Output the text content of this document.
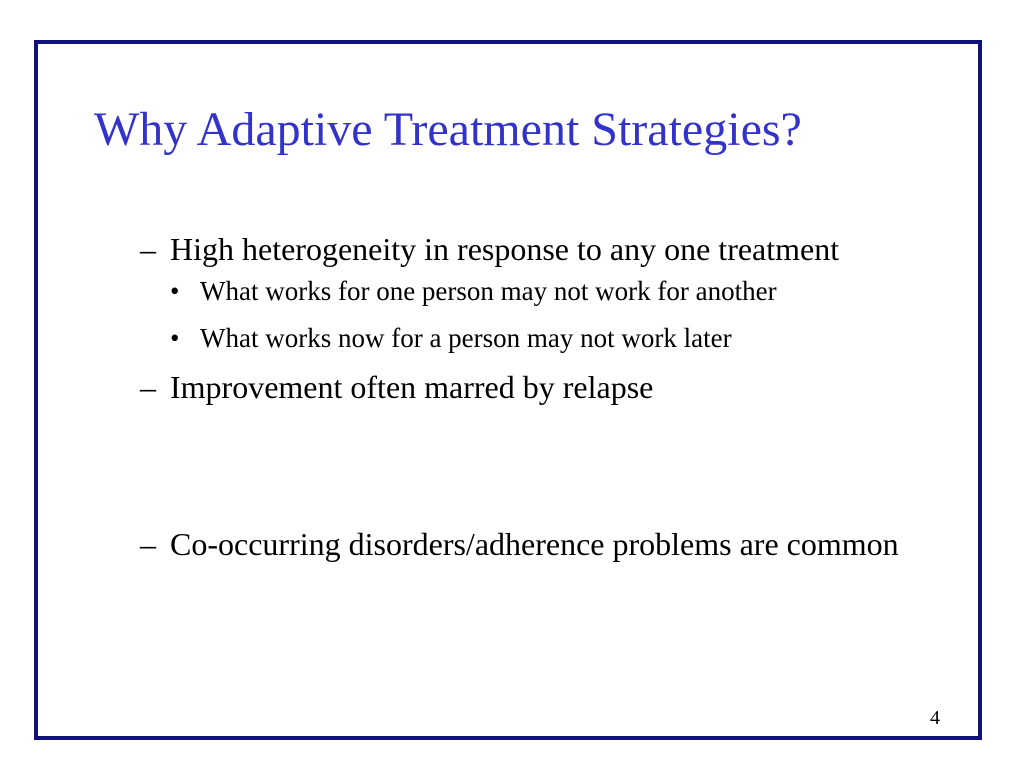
Why Adaptive Treatment Strategies?
– High heterogeneity in response to any one treatment
• What works for one person may not work for another
• What works now for a person may not work later
– Improvement often marred by relapse
– Co-occurring disorders/adherence problems are common
4
